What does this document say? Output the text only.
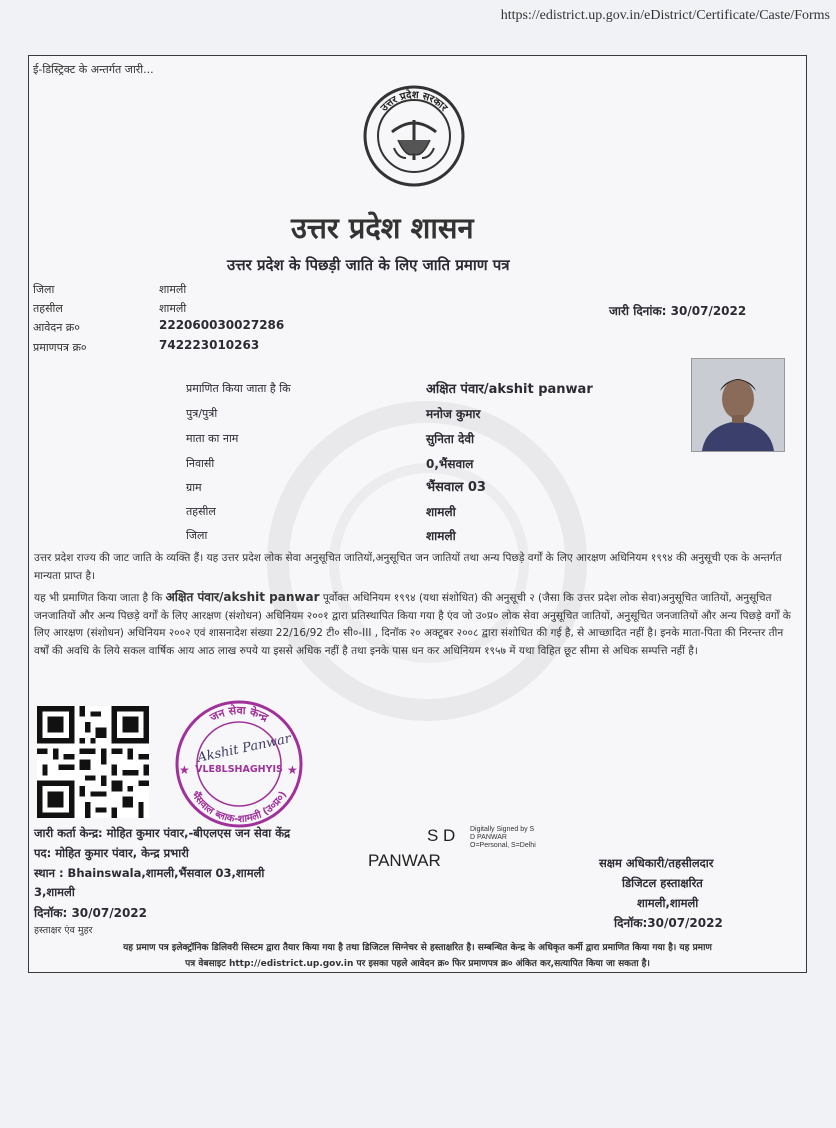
https://edistrict.up.gov.in/eDistrict/Certificate/Caste/Forms
ई-डिस्ट्रिक्ट के अन्तर्गत जारी...
उत्तर प्रदेश सरकार
उत्तर प्रदेश शासन
उत्तर प्रदेश के पिछड़ी जाति के लिए जाति प्रमाण पत्र
जिला	शामली
तहसील	शामली
आवेदन क्र०	222060030027286
प्रमाणपत्र क्र०	742223010263
जारी दिनांक: 30/07/2022
प्रमाणित किया जाता है कि	अक्षित पंवार/akshit panwar
पुत्र/पुत्री	मनोज कुमार
माता का नाम	सुनिता देवी
निवासी	0,भैंसवाल
ग्राम	भैंसवाल 03
तहसील	शामली
जिला	शामली
उत्तर प्रदेश राज्य की जाट जाति के व्यक्ति हैं। यह उत्तर प्रदेश लोक सेवा अनुसूचित जातियों,अनुसूचित जन जातियों तथा अन्य पिछड़े वर्गों के लिए आरक्षण अधिनियम १९९४ की अनुसूची एक के अन्तर्गत मान्यता प्राप्त है।
यह भी प्रमाणित किया जाता है कि अक्षित पंवार/akshit panwar पूर्वोक्त अधिनियम १९९४ (यथा संशोधित) की अनुसूची २ (जैसा कि उत्तर प्रदेश लोक सेवा)अनुसूचित जातियों, अनुसूचित जनजातियों और अन्य पिछड़े वर्गों के लिए आरक्षण (संशोधन) अधिनियम २००१ द्वारा प्रतिस्थापित किया गया है एंव जो उ०प्र० लोक सेवा अनुसूचित जातियों, अनुसूचित जनजातियों और अन्य पिछड़े वर्गों के लिए आरक्षण (संशोधन) अधिनियम २००२ एवं शासनादेश संख्या 22/16/92 टी० सी०-III , दिनॉक २० अक्टूबर २००८ द्वारा संशोधित की गई है, से आच्छादित नहीं है। इनके माता-पिता की निरन्तर तीन वर्षों की अवधि के लिये सकल वार्षिक आय आठ लाख रुपये या इससे अधिक नहीं है तथा इनके पास धन कर अधिनियम १९५७ में यथा विहित छूट सीमा से अधिक सम्पत्ति नहीं है।
जन सेवा केन्द्र
भैंसवाल ब्लाक-शामली (उ०प्र०)
VLE8LSHAGHYIS
★	★
Akshit Panwar
जारी कर्ता केन्द्र: मोहित कुमार पंवार,-बीएलएस जन सेवा केंद्र
पद: मोहित कुमार पंवार, केन्द्र प्रभारी
स्थान : Bhainswala,शामली,भैंसवाल 03,शामली
3,शामली
दिनॉक: 30/07/2022
हस्ताक्षर एंव मुहर
S D Digitally Signed by S
D PANWAR
O=Personal, S=Delhi
PANWAR	सक्षम अधिकारी/तहसीलदार
डिजिटल हस्ताक्षरित
शामली,शामली
दिनॉक:30/07/2022
यह प्रमाण पत्र इलेक्ट्रॉनिक डिलिवरी सिस्टम द्वारा तैयार किया गया है तथा डिजिटल सिग्नेचर से हस्ताक्षरित है। सम्बन्धित केन्द्र के अधिकृत कर्मी द्वारा प्रमाणित किया गया है। यह प्रमाण
पत्र वेबसाइट http://edistrict.up.gov.in पर इसका पहले आवेदन क्र० फिर प्रमाणपत्र क्र० अंकित कर,सत्यापित किया जा सकता है।
